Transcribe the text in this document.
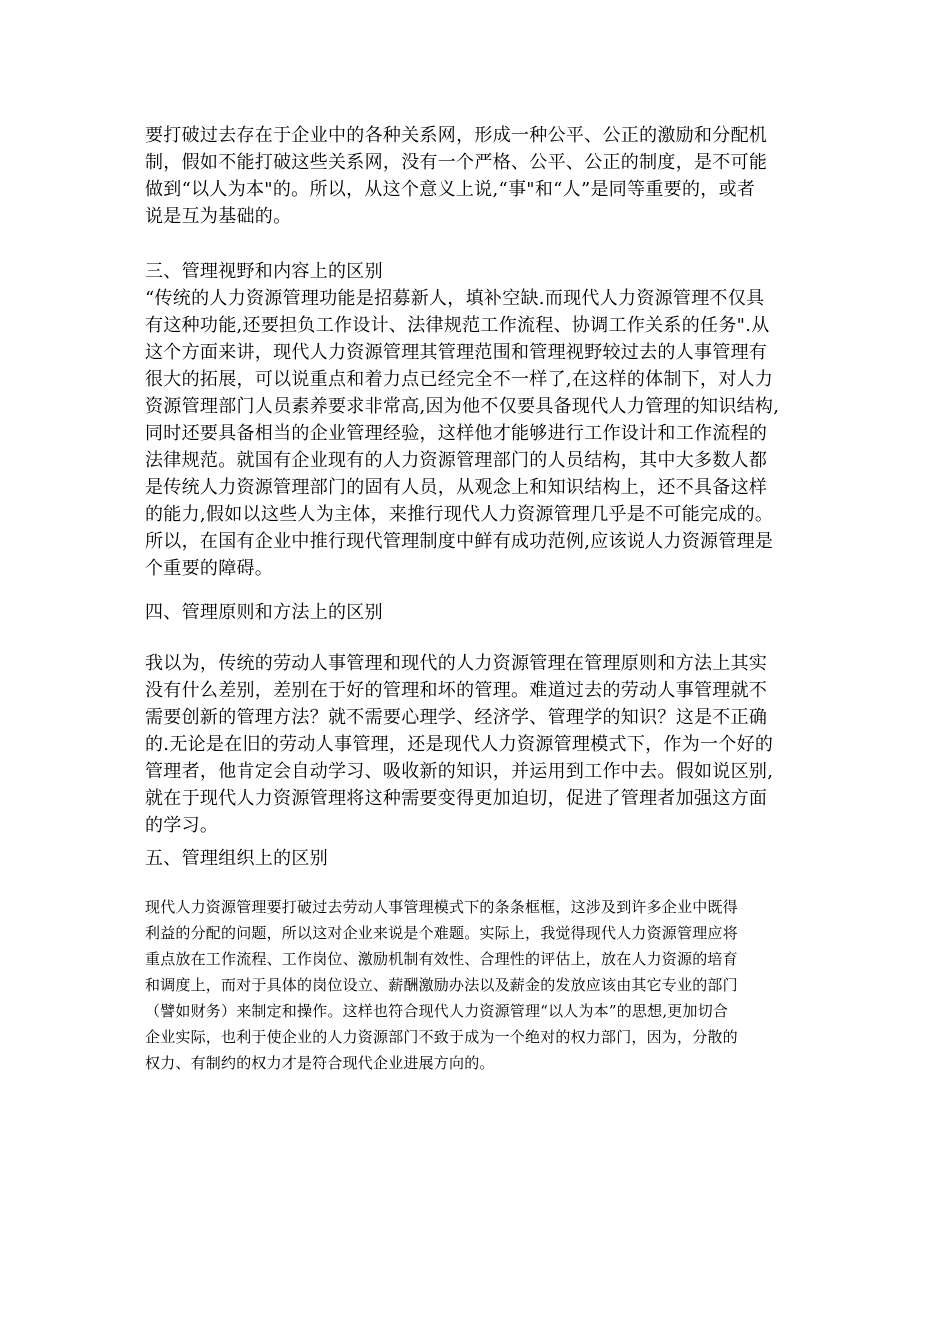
要打破过去存在于企业中的各种关系网，形成一种公平、公正的激励和分配机
制，假如不能打破这些关系网，没有一个严格、公平、公正的制度，是不可能
做到“以人为本"的。所以，从这个意义上说,“事"和“人”是同等重要的，或者
说是互为基础的。
三、管理视野和内容上的区别
“传统的人力资源管理功能是招募新人，填补空缺.而现代人力资源管理不仅具
有这种功能,还要担负工作设计、法律规范工作流程、协调工作关系的任务".从
这个方面来讲，现代人力资源管理其管理范围和管理视野较过去的人事管理有
很大的拓展，可以说重点和着力点已经完全不一样了,在这样的体制下，对人力
资源管理部门人员素养要求非常高,因为他不仅要具备现代人力管理的知识结构,
同时还要具备相当的企业管理经验，这样他才能够进行工作设计和工作流程的
法律规范。就国有企业现有的人力资源管理部门的人员结构，其中大多数人都
是传统人力资源管理部门的固有人员，从观念上和知识结构上，还不具备这样
的能力,假如以这些人为主体，来推行现代人力资源管理几乎是不可能完成的。
所以，在国有企业中推行现代管理制度中鲜有成功范例,应该说人力资源管理是
个重要的障碍。
四、管理原则和方法上的区别
我以为，传统的劳动人事管理和现代的人力资源管理在管理原则和方法上其实
没有什么差别，差别在于好的管理和坏的管理。难道过去的劳动人事管理就不
需要创新的管理方法？就不需要心理学、经济学、管理学的知识？这是不正确
的.无论是在旧的劳动人事管理，还是现代人力资源管理模式下，作为一个好的
管理者，他肯定会自动学习、吸收新的知识，并运用到工作中去。假如说区别,
就在于现代人力资源管理将这种需要变得更加迫切，促进了管理者加强这方面
的学习。
五、管理组织上的区别
现代人力资源管理要打破过去劳动人事管理模式下的条条框框，这涉及到许多企业中既得
利益的分配的问题，所以这对企业来说是个难题。实际上，我觉得现代人力资源管理应将
重点放在工作流程、工作岗位、激励机制有效性、合理性的评估上，放在人力资源的培育
和调度上，而对于具体的岗位设立、薪酬激励办法以及薪金的发放应该由其它专业的部门
（譬如财务）来制定和操作。这样也符合现代人力资源管理“以人为本”的思想,更加切合
企业实际，也利于使企业的人力资源部门不致于成为一个绝对的权力部门，因为，分散的
权力、有制约的权力才是符合现代企业进展方向的。
